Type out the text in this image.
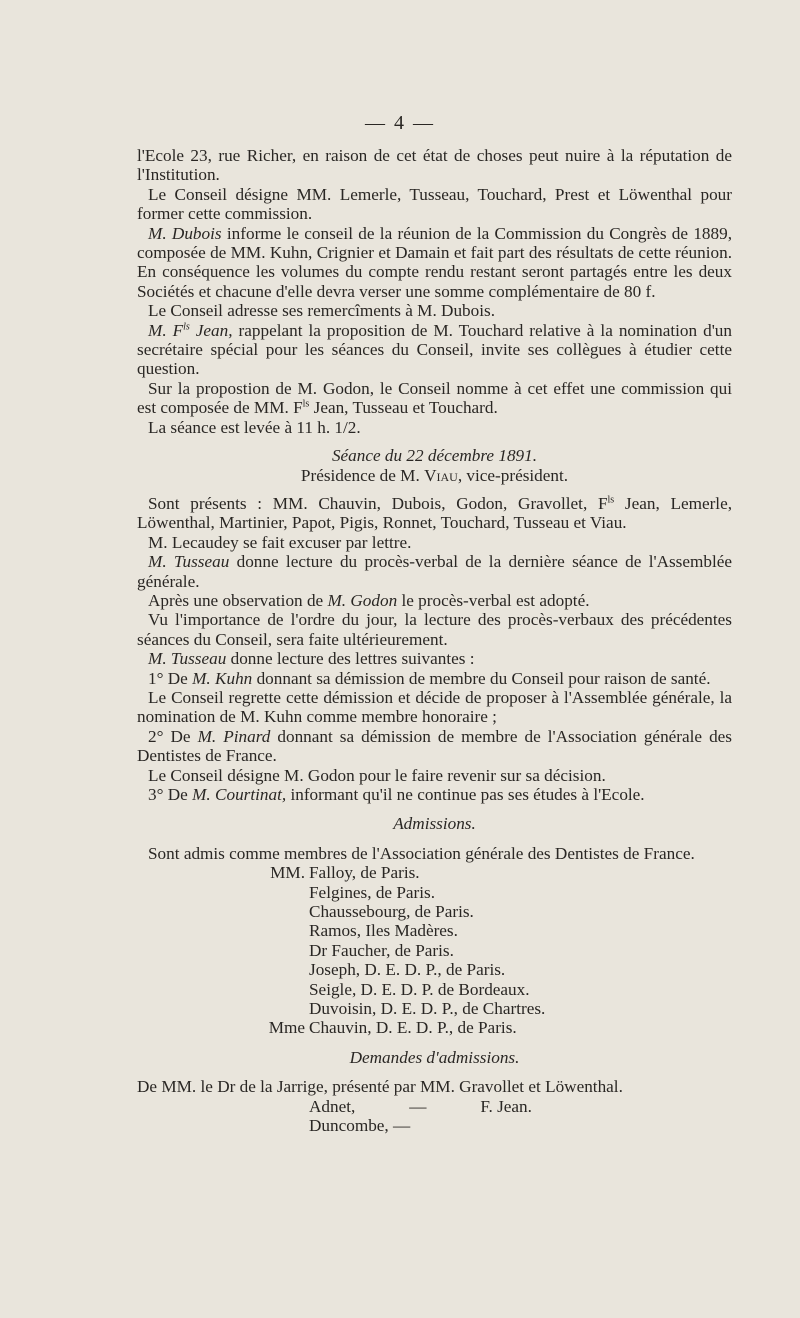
— 4 —

l'Ecole 23, rue Richer, en raison de cet état de choses peut nuire à la réputation de l'Institution.

Le Conseil désigne MM. Lemerle, Tusseau, Touchard, Prest et Löwenthal pour former cette commission.

M. Dubois informe le conseil de la réunion de la Commission du Congrès de 1889, composée de MM. Kuhn, Crignier et Damain et fait part des résultats de cette réunion. En conséquence les volumes du compte rendu restant seront partagés entre les deux Sociétés et chacune d'elle devra verser une somme complémentaire de 80 f.

Le Conseil adresse ses remercîments à M. Dubois.

M. $F^{ls}$ Jean, rappelant la proposition de M. Touchard relative à la nomination d'un secrétaire spécial pour les séances du Conseil, invite ses collègues à étudier cette question.

Sur la propostion de M. Godon, le Conseil nomme à cet effet une commission qui est composée de MM. $F^{ls}$ Jean, Tusseau et Touchard.

La séance est levée à 11 h. 1/2.

Séance du 22 décembre 1891.

Présidence de M. Viau, vice-président.

Sont présents : MM. Chauvin, Dubois, Godon, Gravollet, $F^{ls}$ Jean, Lemerle, Löwenthal, Martinier, Papot, Pigis, Ronnet, Touchard, Tusseau et Viau.

M. Lecaudey se fait excuser par lettre.

M. Tusseau donne lecture du procès-verbal de la dernière séance de l'Assemblée générale.

Après une observation de M. Godon le procès-verbal est adopté.

Vu l'importance de l'ordre du jour, la lecture des procès-verbaux des précédentes séances du Conseil, sera faite ultérieurement.

M. Tusseau donne lecture des lettres suivantes :

1° De M. Kuhn donnant sa démission de membre du Conseil pour raison de santé.

Le Conseil regrette cette démission et décide de proposer à l'Assemblée générale, la nomination de M. Kuhn comme membre honoraire ;

2° De M. Pinard donnant sa démission de membre de l'Association générale des Dentistes de France.

Le Conseil désigne M. Godon pour le faire revenir sur sa décision.

3° De M. Courtinat, informant qu'il ne continue pas ses études à l'Ecole.

Admissions.

Sont admis comme membres de l'Association générale des Dentistes de France.

MM. Falloy, de Paris.

Felgines, de Paris.

Chaussebourg, de Paris.

Ramos, Iles Madères.

Dr Faucher, de Paris.

Joseph, D. E. D. P., de Paris.

Seigle, D. E. D. P. de Bordeaux.

Duvoisin, D. E. D. P., de Chartres.

Mme Chauvin, D. E. D. P., de Paris.

Demandes d'admissions.

De MM. le Dr de la Jarrige, présenté par MM. Gravollet et Löwenthal.

Adnet,	—	F. Jean.

Duncombe, —
